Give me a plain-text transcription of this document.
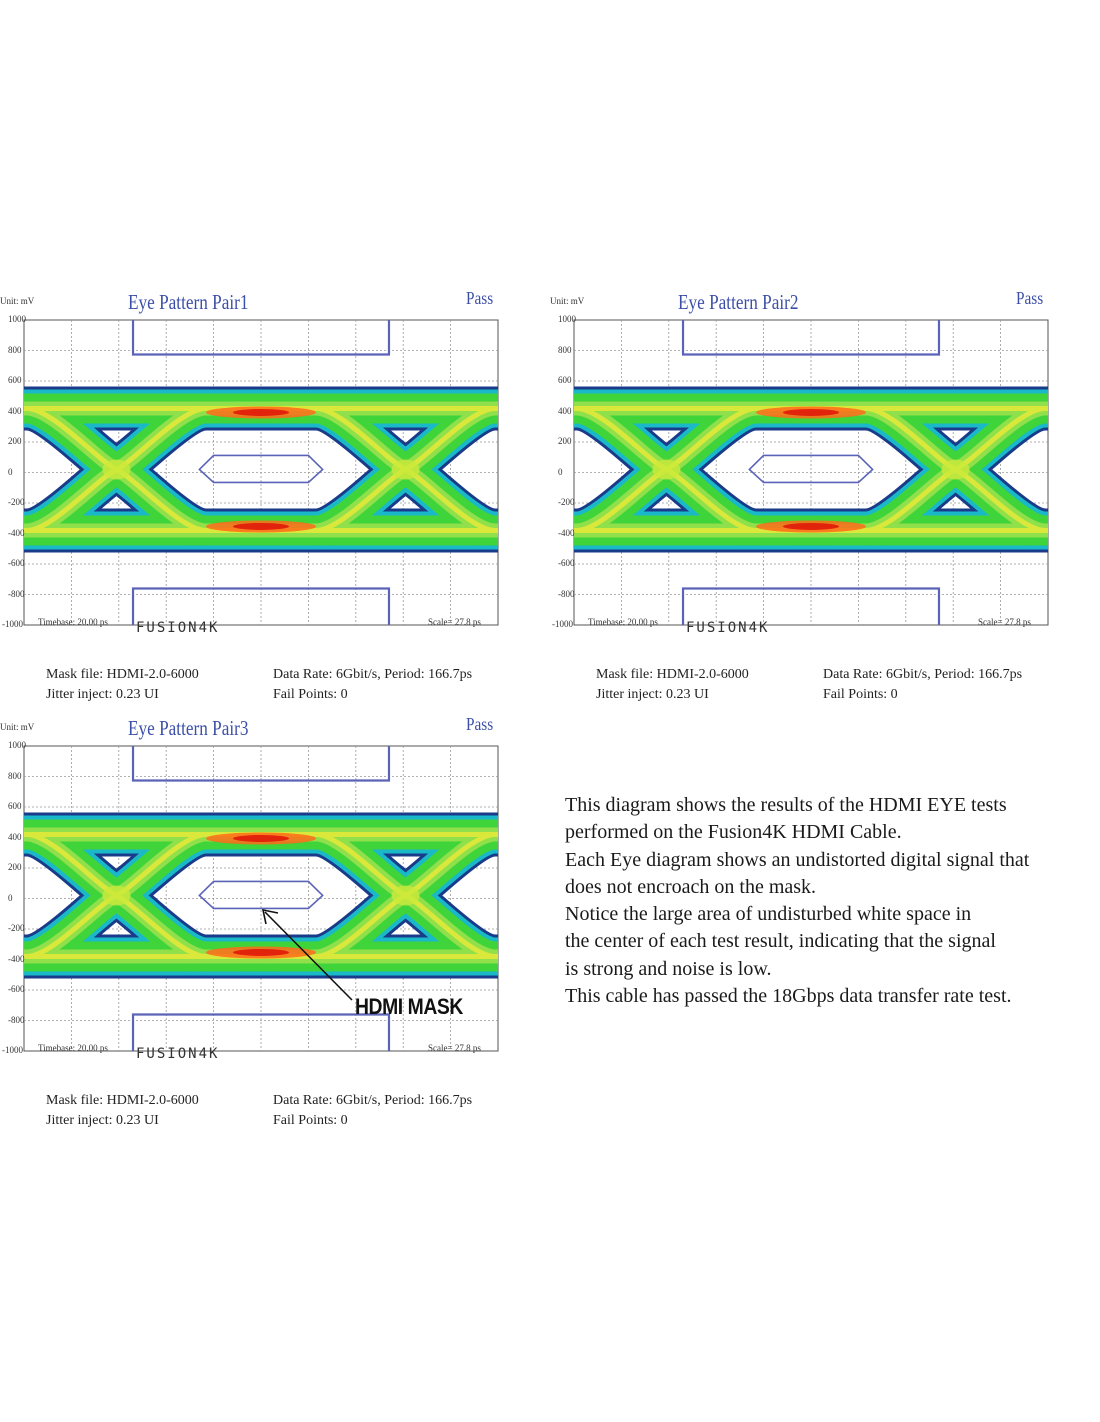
Unit: mV	Eye Pattern Pair1	Pass
1000
800
600
400
200
0
-200
-400
-600
-800
-1000 Timebase: 20.00 ps FUSION4K	Scale= 27.8 ps
Mask file: HDMI-2.0-6000
Jitter inject: 0.23 UI
Data Rate: 6Gbit/s, Period: 166.7ps
Fail Points: 0
Unit: mV	Eye Pattern Pair2	Pass
1000
800
600
400
200
0
-200
-400
-600
-800
-1000 Timebase: 20.00 ps FUSION4K	Scale= 27.8 ps
Mask file: HDMI-2.0-6000
Jitter inject: 0.23 UI
Data Rate: 6Gbit/s, Period: 166.7ps
Fail Points: 0
Unit: mV	Eye Pattern Pair3	Pass
1000
800
600
400
200
0
-200
-400
-600
-800
-1000 Timebase: 20.00 ps FUSION4K	Scale= 27.8 ps
Mask file: HDMI-2.0-6000
Jitter inject: 0.23 UI
Data Rate: 6Gbit/s, Period: 166.7ps
Fail Points: 0
HDMI MASK

This diagram shows the results of the HDMI EYE tests

performed on the Fusion4K HDMI Cable.

Each Eye diagram shows an undistorted digital signal that

does not encroach on the mask.

Notice the large area of undisturbed white space in

the center of each test result, indicating that the signal

is strong and noise is low.

This cable has passed the 18Gbps data transfer rate test.
